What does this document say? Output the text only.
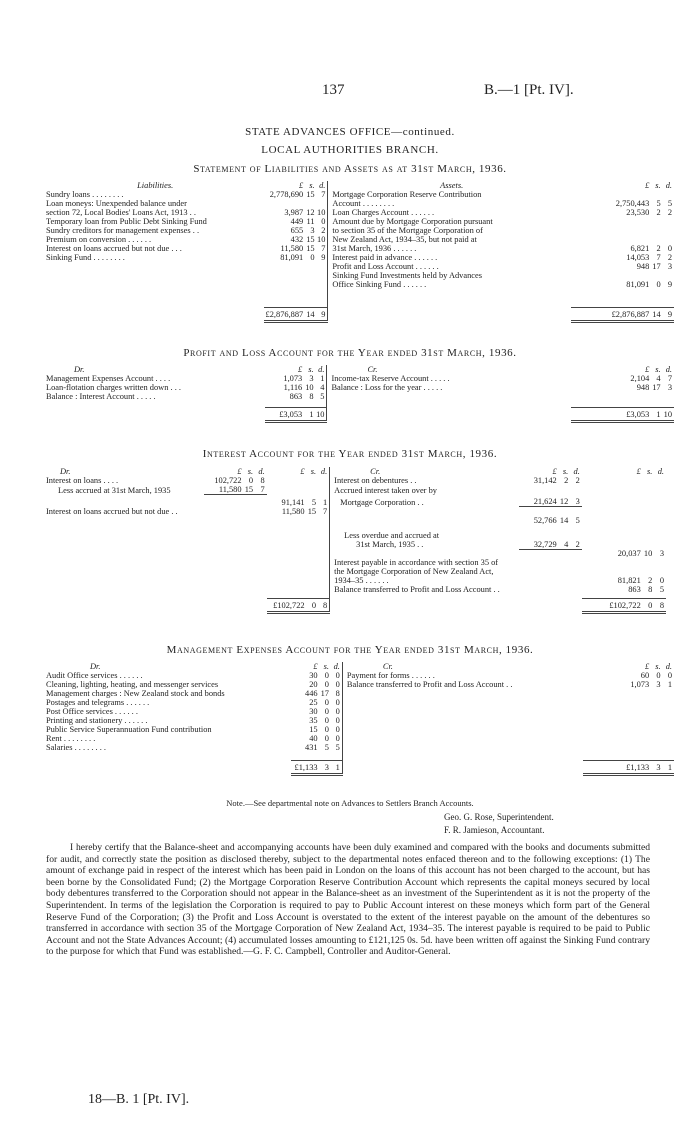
137	B.—1 [Pt. IV].
STATE ADVANCES OFFICE—continued.
LOCAL AUTHORITIES BRANCH.
Statement of Liabilities and Assets as at 31st March, 1936.
Liabilities.	£	s.	d.	Assets.	£	s.	d.
Sundry loans . . . . . . . .	2,778,690	15	7	Mortgage Corporation Reserve Contribution			
Loan moneys: Unexpended balance under				Account . . . . . . . .	2,750,443	5	5
section 72, Local Bodies' Loans Act, 1913 . .	3,987	12	10	Loan Charges Account . . . . . .	23,530	2	2
Temporary loan from Public Debt Sinking Fund	449	11	0	Amount due by Mortgage Corporation pursuant			
Sundry creditors for management expenses . .	655	3	2	to section 35 of the Mortgage Corporation of			
Premium on conversion . . . . . .	432	15	10	New Zealand Act, 1934–35, but not paid at			
Interest on loans accrued but not due . . .	11,580	15	7	31st March, 1936 . . . . . .	6,821	2	0
Sinking Fund . . . . . . . .	81,091	0	9	Interest paid in advance . . . . . .	14,053	7	2
				Profit and Loss Account . . . . . .	948	17	3
				Sinking Fund Investments held by Advances			
				Office Sinking Fund . . . . . .	81,091	0	9

	£2,876,887	14	9		£2,876,887	14	9
Profit and Loss Account for the Year ended 31st March, 1936.
Dr.	£	s.	d.	Cr.	£	s.	d.
Management Expenses Account . . . .	1,073	3	1	Income-tax Reserve Account . . . . .	2,104	4	7
Loan-flotation charges written down . . .	1,116	10	4	Balance : Loss for the year . . . . .	948	17	3
Balance : Interest Account . . . . .	863	8	5				

	£3,053	1	10		£3,053	1	10
Interest Account for the Year ended 31st March, 1936.
Dr.	£	s.	d.	£	s.	d.	Cr.	£	s.	d.	£	s.	d.
Interest on loans . . . .	102,722	0	8				Interest on debentures . .	31,142	2	2			
Less accrued at 31st March, 1935	11,580	15	7				Accrued interest taken over by						
				91,141	5	1	Mortgage Corporation . .	21,624	12	3			
Interest on loans accrued but not due . .				11,580	15	7							
								52,766	14	5			

							Less overdue and accrued at						
							31st March, 1935 . .	32,729	4	2			
											20,037	10	3
							Interest payable in accordance with section 35 of						
							the Mortgage Corporation of New Zealand Act,						
							1934–35 . . . . . .				81,821	2	0
							Balance transferred to Profit and Loss Account . .				863	8	5

				£102,722	0	8					£102,722	0	8
Management Expenses Account for the Year ended 31st March, 1936.
Dr.	£	s.	d.	Cr.	£	s.	d.
Audit Office services . . . . . .	30	0	0	Payment for forms . . . . . .	60	0	0
Cleaning, lighting, heating, and messenger services	20	0	0	Balance transferred to Profit and Loss Account . .	1,073	3	1
Management charges : New Zealand stock and bonds	446	17	8				
Postages and telegrams . . . . . .	25	0	0				
Post Office services . . . . . .	30	0	0				
Printing and stationery . . . . . .	35	0	0				
Public Service Superannuation Fund contribution	15	0	0				
Rent . . . . . . . .	40	0	0				
Salaries . . . . . . . .	431	5	5				

	£1,133	3	1		£1,133	3	1
Note.—See departmental note on Advances to Settlers Branch Accounts.
Geo. G. Rose, Superintendent.
F. R. Jamieson, Accountant.

I hereby certify that the Balance-sheet and accompanying accounts have been duly examined and compared with the books and documents submitted for audit, and correctly state the position as disclosed thereby, subject to the departmental notes enfaced thereon and to the following exceptions: (1) The amount of exchange paid in respect of the interest which has been paid in London on the loans of this account has not been charged to the account, but has been borne by the Consolidated Fund; (2) the Mortgage Corporation Reserve Contribution Account which represents the capital moneys secured by local body debentures transferred to the Corporation should not appear in the Balance-sheet as an investment of the Superintendent as it is not the property of the Superintendent. In terms of the legislation the Corporation is required to pay to Public Account interest on these moneys which form part of the General Reserve Fund of the Corporation; (3) the Profit and Loss Account is overstated to the extent of the interest payable on the amount of the debentures so transferred in accordance with section 35 of the Mortgage Corporation of New Zealand Act, 1934–35. The interest payable is required to be paid to Public Account and not the State Advances Account; (4) accumulated losses amounting to £121,125 0s. 5d. have been written off against the Sinking Fund contrary to the purpose for which that Fund was established.—G. F. C. Campbell, Controller and Auditor-General.

18—B. 1 [Pt. IV].
